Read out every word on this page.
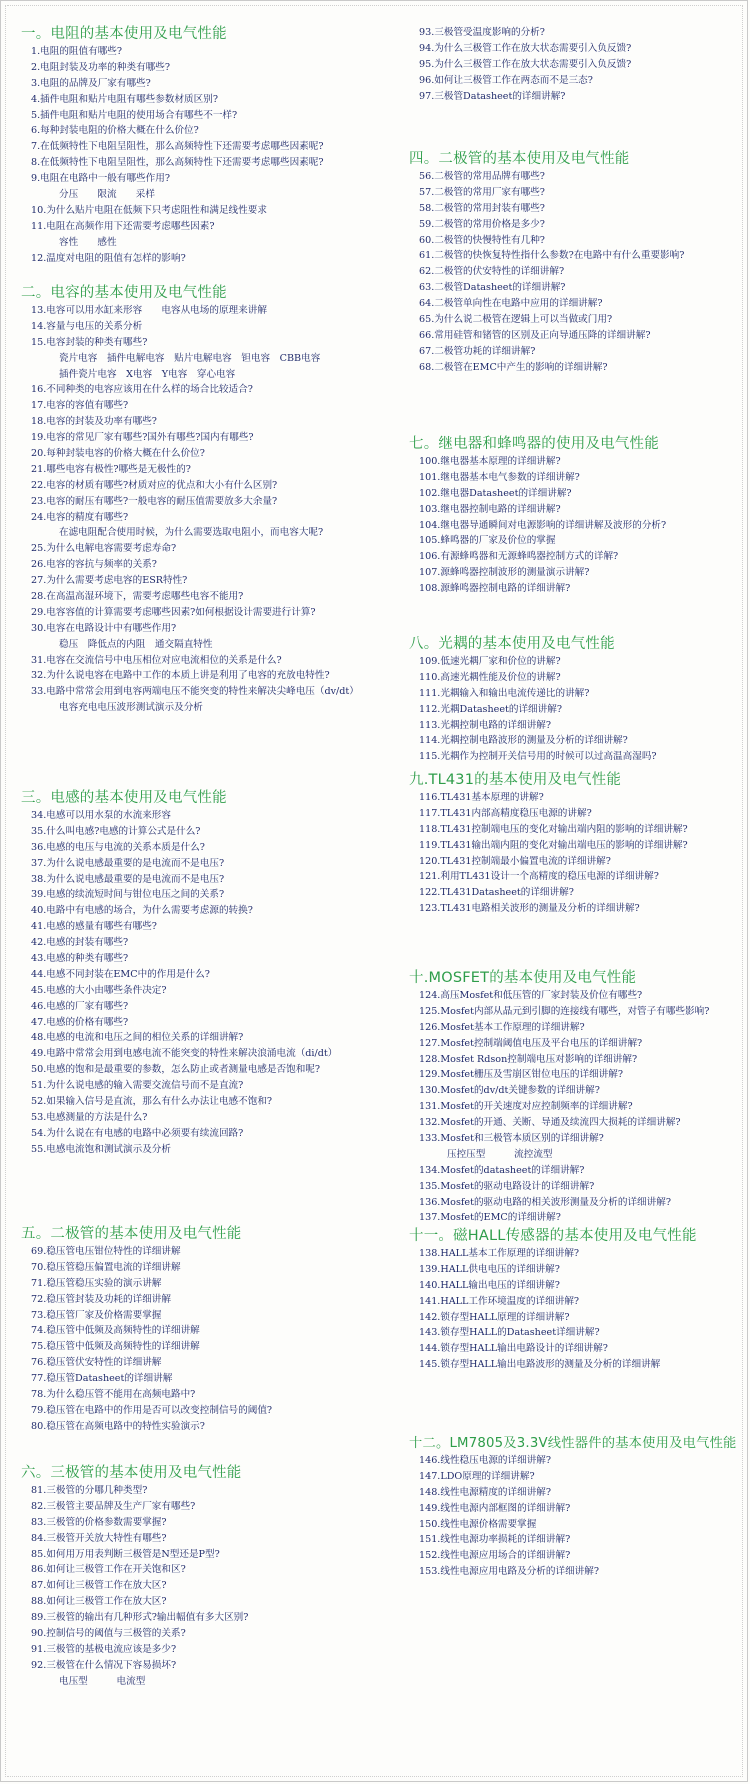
一。电阻的基本使用及电气性能
1.电阻的阻值有哪些?
2.电阻封装及功率的种类有哪些?
3.电阻的品牌及厂家有哪些?
4.插件电阻和贴片电阻有哪些参数材质区别?
5.插件电阻和贴片电阻的使用场合有哪些不一样?
6.每种封装电阻的价格大概在什么价位?
7.在低频特性下电阻呈阻性，那么高频特性下还需要考虑哪些因素呢?
8.在低频特性下电阻呈阻性，那么高频特性下还需要考虑哪些因素呢?
9.电阻在电路中一般有哪些作用?
分压　　限流　　采样
10.为什么贴片电阻在低频下只考虑阻性和满足线性要求
11.电阻在高频作用下还需要考虑哪些因素?
容性　　感性
12.温度对电阻的阻值有怎样的影响?
二。电容的基本使用及电气性能
13.电容可以用水缸来形容　　电容从电场的原理来讲解
14.容量与电压的关系分析
15.电容封装的种类有哪些?
瓷片电容　插件电解电容　贴片电解电容　钽电容　CBB电容
插件瓷片电容　X电容　Y电容　穿心电容
16.不同种类的电容应该用在什么样的场合比较适合?
17.电容的容值有哪些?
18.电容的封装及功率有哪些?
19.电容的常见厂家有哪些?国外有哪些?国内有哪些?
20.每种封装电容的价格大概在什么价位?
21.哪些电容有极性?哪些是无极性的?
22.电容的材质有哪些?材质对应的优点和大小有什么区别?
23.电容的耐压有哪些?一般电容的耐压值需要放多大余量?
24.电容的精度有哪些?
在滤电阻配合使用时候，为什么需要选取电阻小，而电容大呢?
25.为什么电解电容需要考虑寿命?
26.电容的容抗与频率的关系?
27.为什么需要考虑电容的ESR特性?
28.在高温高湿环境下，需要考虑哪些电容不能用?
29.电容容值的计算需要考虑哪些因素?如何根据设计需要进行计算?
30.电容在电路设计中有哪些作用?
稳压　降低点的内阻　通交隔直特性
31.电容在交流信号中电压相位对应电流相位的关系是什么?
32.为什么说电容在电路中工作的本质上讲是利用了电容的充放电特性?
33.电路中常常会用到电容两端电压不能突变的特性来解决尖峰电压（dv/dt）
电容充电电压波形测试演示及分析
三。电感的基本使用及电气性能
34.电感可以用水泵的水流来形容
35.什么叫电感?电感的计算公式是什么?
36.电感的电压与电流的关系本质是什么?
37.为什么说电感最重要的是电流而不是电压?
38.为什么说电感最重要的是电流而不是电压?
39.电感的续流短时间与钳位电压之间的关系?
40.电路中有电感的场合，为什么需要考虑源的转换?
41.电感的感量有哪些有哪些?
42.电感的封装有哪些?
43.电感的种类有哪些?
44.电感不同封装在EMC中的作用是什么?
45.电感的大小由哪些条件决定?
46.电感的厂家有哪些?
47.电感的价格有哪些?
48.电感的电流和电压之间的相位关系的详细讲解?
49.电路中常常会用到电感电流不能突变的特性来解决浪涌电流（di/dt）
50.电感的饱和是最重要的参数，怎么防止或者测量电感是否饱和呢?
51.为什么说电感的输入需要交流信号而不是直流?
52.如果输入信号是直流，那么有什么办法让电感不饱和?
53.电感测量的方法是什么?
54.为什么说在有电感的电路中必须要有续流回路?
55.电感电流饱和测试演示及分析
五。二极管的基本使用及电气性能
69.稳压管电压钳位特性的详细讲解
70.稳压管稳压偏置电流的详细讲解
71.稳压管稳压实验的演示讲解
72.稳压管封装及功耗的详细讲解
73.稳压管厂家及价格需要掌握
74.稳压管中低频及高频特性的详细讲解
75.稳压管中低频及高频特性的详细讲解
76.稳压管伏安特性的详细讲解
77.稳压管Datasheet的详细讲解
78.为什么稳压管不能用在高频电路中?
79.稳压管在电路中的作用是否可以改变控制信号的阈值?
80.稳压管在高频电路中的特性实验演示?
六。三极管的基本使用及电气性能
81.三极管的分哪几种类型?
82.三极管主要品牌及生产厂家有哪些?
83.三极管的价格参数需要掌握?
84.三极管开关放大特性有哪些?
85.如何用万用表判断三极管是N型还是P型?
86.如何让三极管工作在开关饱和区?
87.如何让三极管工作在放大区?
88.如何让三极管工作在放大区?
89.三极管的输出有几种形式?输出幅值有多大区别?
90.控制信号的阈值与三极管的关系?
91.三极管的基极电流应该是多少?
92.三极管在什么情况下容易损坏?
电压型　　　电流型
93.三极管受温度影响的分析?
94.为什么三极管工作在放大状态需要引入负反馈?
95.为什么三极管工作在放大状态需要引入负反馈?
96.如何让三极管工作在两态而不是三态?
97.三极管Datasheet的详细讲解?
四。二极管的基本使用及电气性能
56.二极管的常用品牌有哪些?
57.二极管的常用厂家有哪些?
58.二极管的常用封装有哪些?
59.二极管的常用价格是多少?
60.二极管的快慢特性有几种?
61.二极管的快恢复特性指什么参数?在电路中有什么重要影响?
62.二极管的伏安特性的详细讲解?
63.二极管Datasheet的详细讲解?
64.二极管单向性在电路中应用的详细讲解?
65.为什么说二极管在逻辑上可以当做或门用?
66.常用硅管和锗管的区别及正向导通压降的详细讲解?
67.二极管功耗的详细讲解?
68.二极管在EMC中产生的影响的详细讲解?
七。继电器和蜂鸣器的使用及电气性能
100.继电器基本原理的详细讲解?
101.继电器基本电气参数的详细讲解?
102.继电器Datasheet的详细讲解?
103.继电器控制电路的详细讲解?
104.继电器导通瞬间对电源影响的详细讲解及波形的分析?
105.蜂鸣器的厂家及价位的掌握
106.有源蜂鸣器和无源蜂鸣器控制方式的详解?
107.源蜂鸣器控制波形的测量演示讲解?
108.源蜂鸣器控制电路的详细讲解?
八。光耦的基本使用及电气性能
109.低速光耦厂家和价位的讲解?
110.高速光耦性能及价位的讲解?
111.光耦输入和输出电流传递比的讲解?
112.光耦Datasheet的详细讲解?
113.光耦控制电路的详细讲解?
114.光耦控制电路波形的测量及分析的详细讲解?
115.光耦作为控制开关信号用的时候可以过高温高湿吗?
九.TL431的基本使用及电气性能
116.TL431基本原理的讲解?
117.TL431内部高精度稳压电源的讲解?
118.TL431控制端电压的变化对输出端内阻的影响的详细讲解?
119.TL431输出端内阻的变化对输出端电压的影响的详细讲解?
120.TL431控制端最小偏置电流的详细讲解?
121.利用TL431设计一个高精度的稳压电源的详细讲解?
122.TL431Datasheet的详细讲解?
123.TL431电路相关波形的测量及分析的详细讲解?
十.MOSFET的基本使用及电气性能
124.高压Mosfet和低压管的厂家封装及价位有哪些?
125.Mosfet内部从晶元到引脚的连接线有哪些，对管子有哪些影响?
126.Mosfet基本工作原理的详细讲解?
127.Mosfet控制端阈值电压及平台电压的详细讲解?
128.Mosfet Rdson控制端电压对影响的详细讲解?
129.Mosfet栅压及雪崩区钳位电压的详细讲解?
130.Mosfet的dv/dt关键参数的详细讲解?
131.Mosfet的开关速度对应控制频率的详细讲解?
132.Mosfet的开通、关断、导通及续流四大损耗的详细讲解?
133.Mosfet和三极管本质区别的详细讲解?
压控压型　　　流控流型
134.Mosfet的datasheet的详细讲解?
135.Mosfet的驱动电路设计的详细讲解?
136.Mosfet的驱动电路的相关波形测量及分析的详细讲解?
137.Mosfet的EMC的详细讲解?
十一。磁HALL传感器的基本使用及电气性能
138.HALL基本工作原理的详细讲解?
139.HALL供电电压的详细讲解?
140.HALL输出电压的详细讲解?
141.HALL工作环境温度的详细讲解?
142.锁存型HALL原理的详细讲解?
143.锁存型HALL的Datasheet详细讲解?
144.锁存型HALL输出电路设计的详细讲解?
145.锁存型HALL输出电路波形的测量及分析的详细讲解
十二。LM7805及3.3V线性器件的基本使用及电气性能
146.线性稳压电源的详细讲解?
147.LDO原理的详细讲解?
148.线性电源精度的详细讲解?
149.线性电源内部框图的详细讲解?
150.线性电源价格需要掌握
151.线性电源功率损耗的详细讲解?
152.线性电源应用场合的详细讲解?
153.线性电源应用电路及分析的详细讲解?
